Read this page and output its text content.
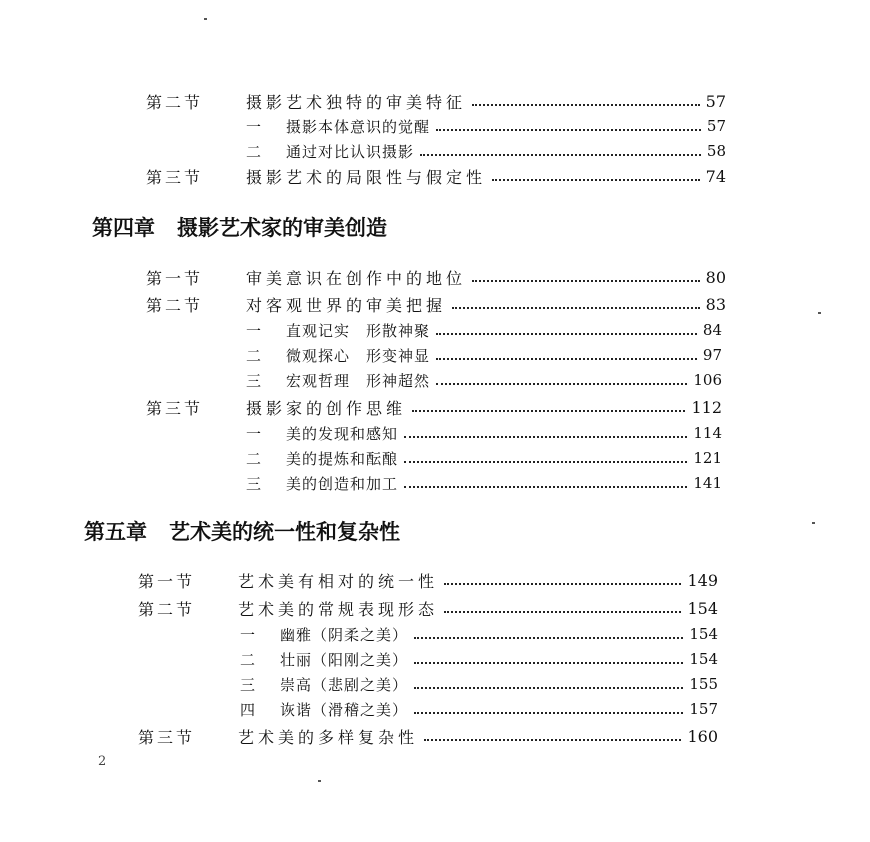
第二节	摄影艺术独特的审美特征	57
一	摄影本体意识的觉醒	57
二	通过对比认识摄影	58
第三节	摄影艺术的局限性与假定性	74
第四章 摄影艺术家的审美创造
第一节	审美意识在创作中的地位	80
第二节	对客观世界的审美把握	83
一	直观记实　形散神聚	84
二	微观探心　形变神显	97
三	宏观哲理　形神超然	106
第三节	摄影家的创作思维	112
一	美的发现和感知	114
二	美的提炼和酝酿	121
三	美的创造和加工	141
第五章 艺术美的统一性和复杂性
第一节	艺术美有相对的统一性	149
第二节	艺术美的常规表现形态	154
一	幽雅（阴柔之美）	154
二	壮丽（阳刚之美）	154
三	崇高（悲剧之美）	155
四	诙谐（滑稽之美）	157
第三节	艺术美的多样复杂性	160
2
